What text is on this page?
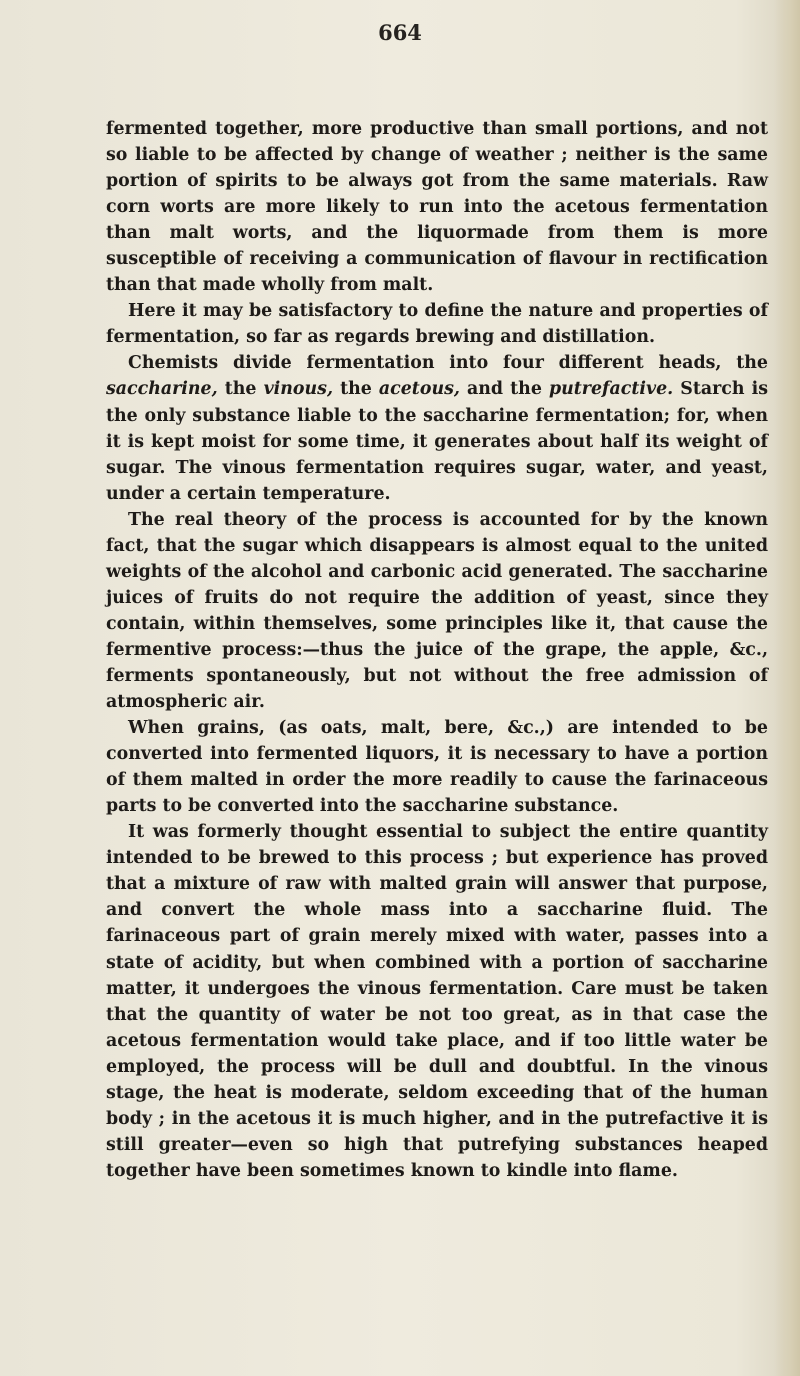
664

fermented together, more productive than small portions, and not so liable to be affected by change of weather ; neither is the same portion of spirits to be always got from the same materials. Raw corn worts are more likely to run into the acetous fermentation than malt worts, and the liquormade from them is more susceptible of receiving a communication of flavour in rectification than that made wholly from malt.

Here it may be satisfactory to define the nature and properties of fermentation, so far as regards brewing and distillation.

Chemists divide fermentation into four different heads, the saccharine, the vinous, the acetous, and the putrefactive. Starch is the only substance liable to the saccharine fermentation; for, when it is kept moist for some time, it generates about half its weight of sugar. The vinous fermentation requires sugar, water, and yeast, under a certain temperature.

The real theory of the process is accounted for by the known fact, that the sugar which disappears is almost equal to the united weights of the alcohol and carbonic acid generated. The saccharine juices of fruits do not require the addition of yeast, since they contain, within themselves, some principles like it, that cause the fermentive process:—thus the juice of the grape, the apple, &c., ferments spontaneously, but not without the free admission of atmospheric air.

When grains, (as oats, malt, bere, &c.,) are intended to be converted into fermented liquors, it is necessary to have a portion of them malted in order the more readily to cause the farinaceous parts to be converted into the saccharine substance.

It was formerly thought essential to subject the entire quantity intended to be brewed to this process ; but experience has proved that a mixture of raw with malted grain will answer that purpose, and convert the whole mass into a saccharine fluid. The farinaceous part of grain merely mixed with water, passes into a state of acidity, but when combined with a portion of saccharine matter, it undergoes the vinous fermentation. Care must be taken that the quantity of water be not too great, as in that case the acetous fermentation would take place, and if too little water be employed, the process will be dull and doubtful. In the vinous stage, the heat is moderate, seldom exceeding that of the human body ; in the acetous it is much higher, and in the putrefactive it is still greater—even so high that putrefying substances heaped together have been sometimes known to kindle into flame.
